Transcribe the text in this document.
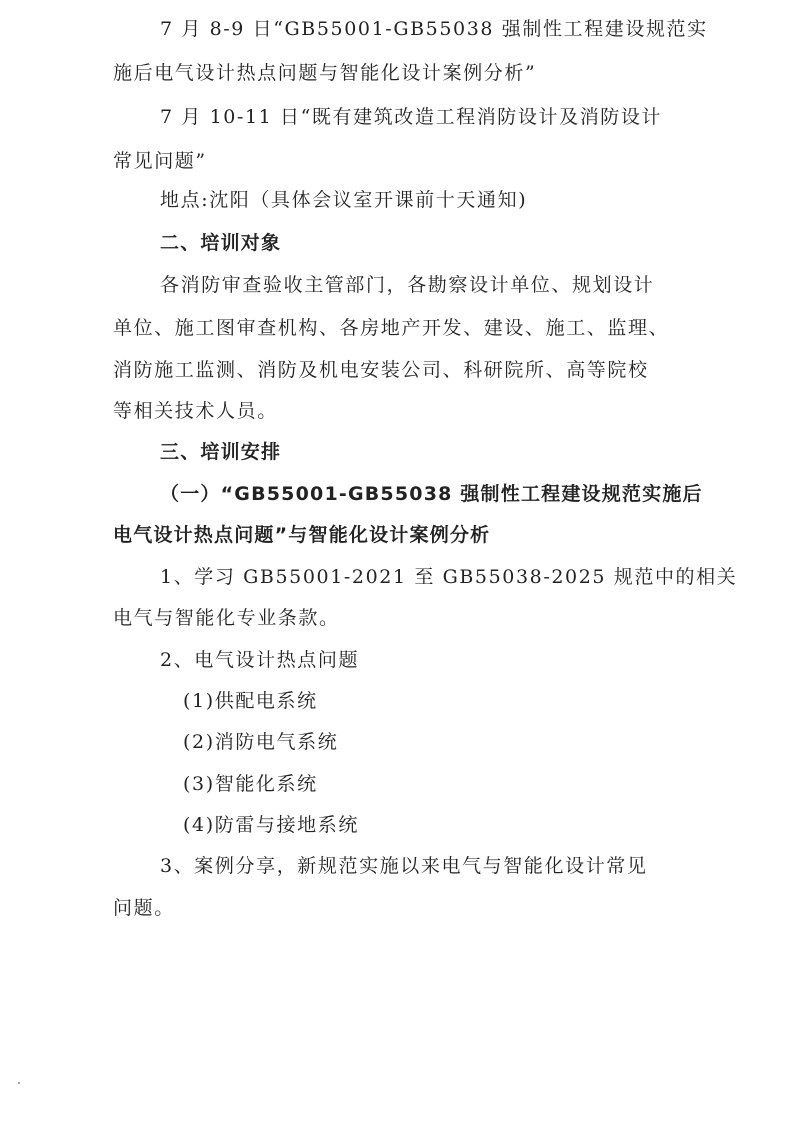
7 月 8-9 日“GB55001-GB55038 强制性工程建设规范实
施后电气设计热点问题与智能化设计案例分析”
7 月 10-11 日“既有建筑改造工程消防设计及消防设计
常见问题”
地点:沈阳（具体会议室开课前十天通知)
二、培训对象
各消防审查验收主管部门，各勘察设计单位、规划设计
单位、施工图审查机构、各房地产开发、建设、施工、监理、
消防施工监测、消防及机电安装公司、科研院所、高等院校
等相关技术人员。
三、培训安排
（一）“GB55001-GB55038 强制性工程建设规范实施后
电气设计热点问题”与智能化设计案例分析
1、学习 GB55001-2021 至 GB55038-2025 规范中的相关
电气与智能化专业条款。
2、电气设计热点问题
(1)供配电系统
(2)消防电气系统
(3)智能化系统
(4)防雷与接地系统
3、案例分享，新规范实施以来电气与智能化设计常见
问题。
